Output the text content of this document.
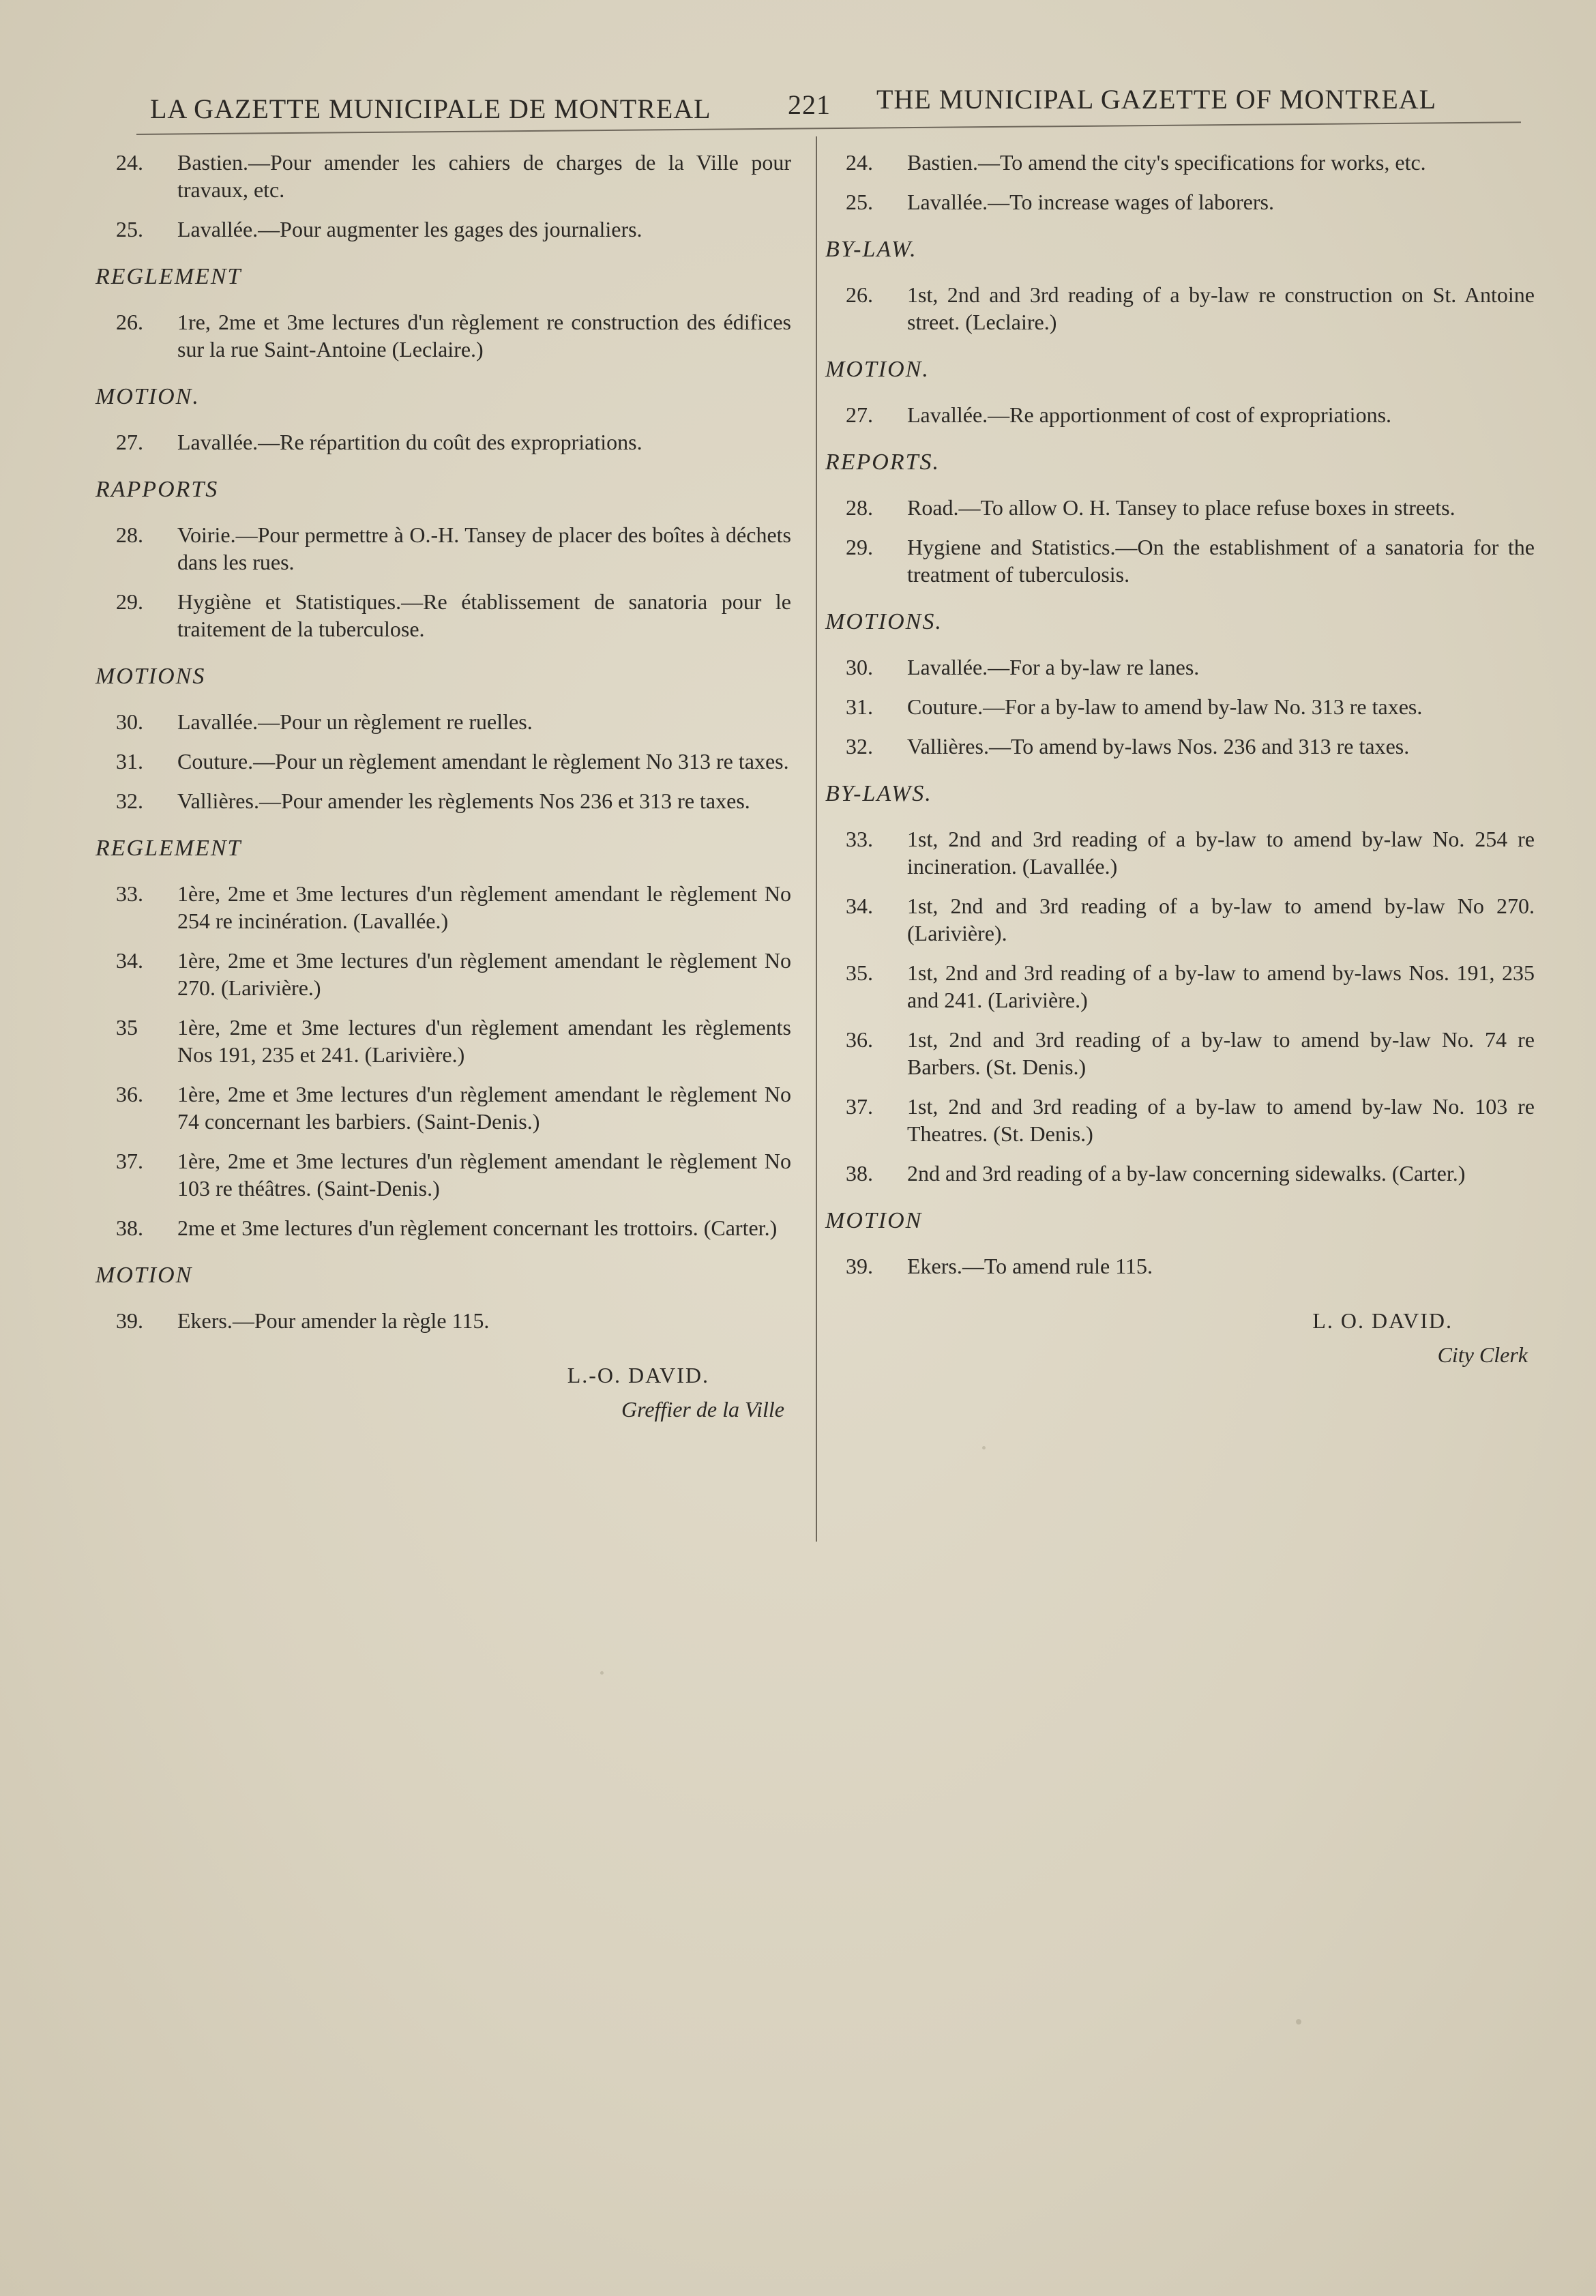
LA GAZETTE MUNICIPALE DE MONTREAL	221 THE MUNICIPAL GAZETTE OF MONTREAL
24.	Bastien.—Pour amender les cahiers de charges de la Ville pour travaux, etc.
25.	Lavallée.—Pour augmenter les gages des journaliers.
REGLEMENT
26.	1re, 2me et 3me lectures d'un règlement re construction des édifices sur la rue Saint-Antoine (Leclaire.)
MOTION.
27.	Lavallée.—Re répartition du coût des expropriations.
RAPPORTS
28.	Voirie.—Pour permettre à O.-H. Tansey de placer des boîtes à déchets dans les rues.
29.	Hygiène et Statistiques.—Re établissement de sanatoria pour le traitement de la tuberculose.
MOTIONS
30.	Lavallée.—Pour un règlement re ruelles.
31.	Couture.—Pour un règlement amendant le règlement No 313 re taxes.
32.	Vallières.—Pour amender les règlements Nos 236 et 313 re taxes.
REGLEMENT
33.	1ère, 2me et 3me lectures d'un règlement amendant le règlement No 254 re incinération. (Lavallée.)
34.	1ère, 2me et 3me lectures d'un règlement amendant le règlement No 270. (Larivière.)
35	1ère, 2me et 3me lectures d'un règlement amendant les règlements Nos 191, 235 et 241. (Larivière.)
36.	1ère, 2me et 3me lectures d'un règlement amendant le règlement No 74 concernant les barbiers. (Saint-Denis.)
37.	1ère, 2me et 3me lectures d'un règlement amendant le règlement No 103 re théâtres. (Saint-Denis.)
38.	2me et 3me lectures d'un règlement concernant les trottoirs. (Carter.)
MOTION
39.	Ekers.—Pour amender la règle 115.
L.-O. DAVID.
Greffier de la Ville
24.	Bastien.—To amend the city's specifications for works, etc.
25.	Lavallée.—To increase wages of laborers.
BY-LAW.
26.	1st, 2nd and 3rd reading of a by-law re construction on St. Antoine street. (Leclaire.)
MOTION.
27.	Lavallée.—Re apportionment of cost of expropriations.
REPORTS.
28.	Road.—To allow O. H. Tansey to place refuse boxes in streets.
29.	Hygiene and Statistics.—On the establishment of a sanatoria for the treatment of tuberculosis.
MOTIONS.
30.	Lavallée.—For a by-law re lanes.
31.	Couture.—For a by-law to amend by-law No. 313 re taxes.
32.	Vallières.—To amend by-laws Nos. 236 and 313 re taxes.
BY-LAWS.
33.	1st, 2nd and 3rd reading of a by-law to amend by-law No. 254 re incineration. (Lavallée.)
34.	1st, 2nd and 3rd reading of a by-law to amend by-law No 270. (Larivière).
35.	1st, 2nd and 3rd reading of a by-law to amend by-laws Nos. 191, 235 and 241. (Larivière.)
36.	1st, 2nd and 3rd reading of a by-law to amend by-law No. 74 re Barbers. (St. Denis.)
37.	1st, 2nd and 3rd reading of a by-law to amend by-law No. 103 re Theatres. (St. Denis.)
38.	2nd and 3rd reading of a by-law concerning sidewalks. (Carter.)
MOTION
39.	Ekers.—To amend rule 115.
L. O. DAVID.
City Clerk
